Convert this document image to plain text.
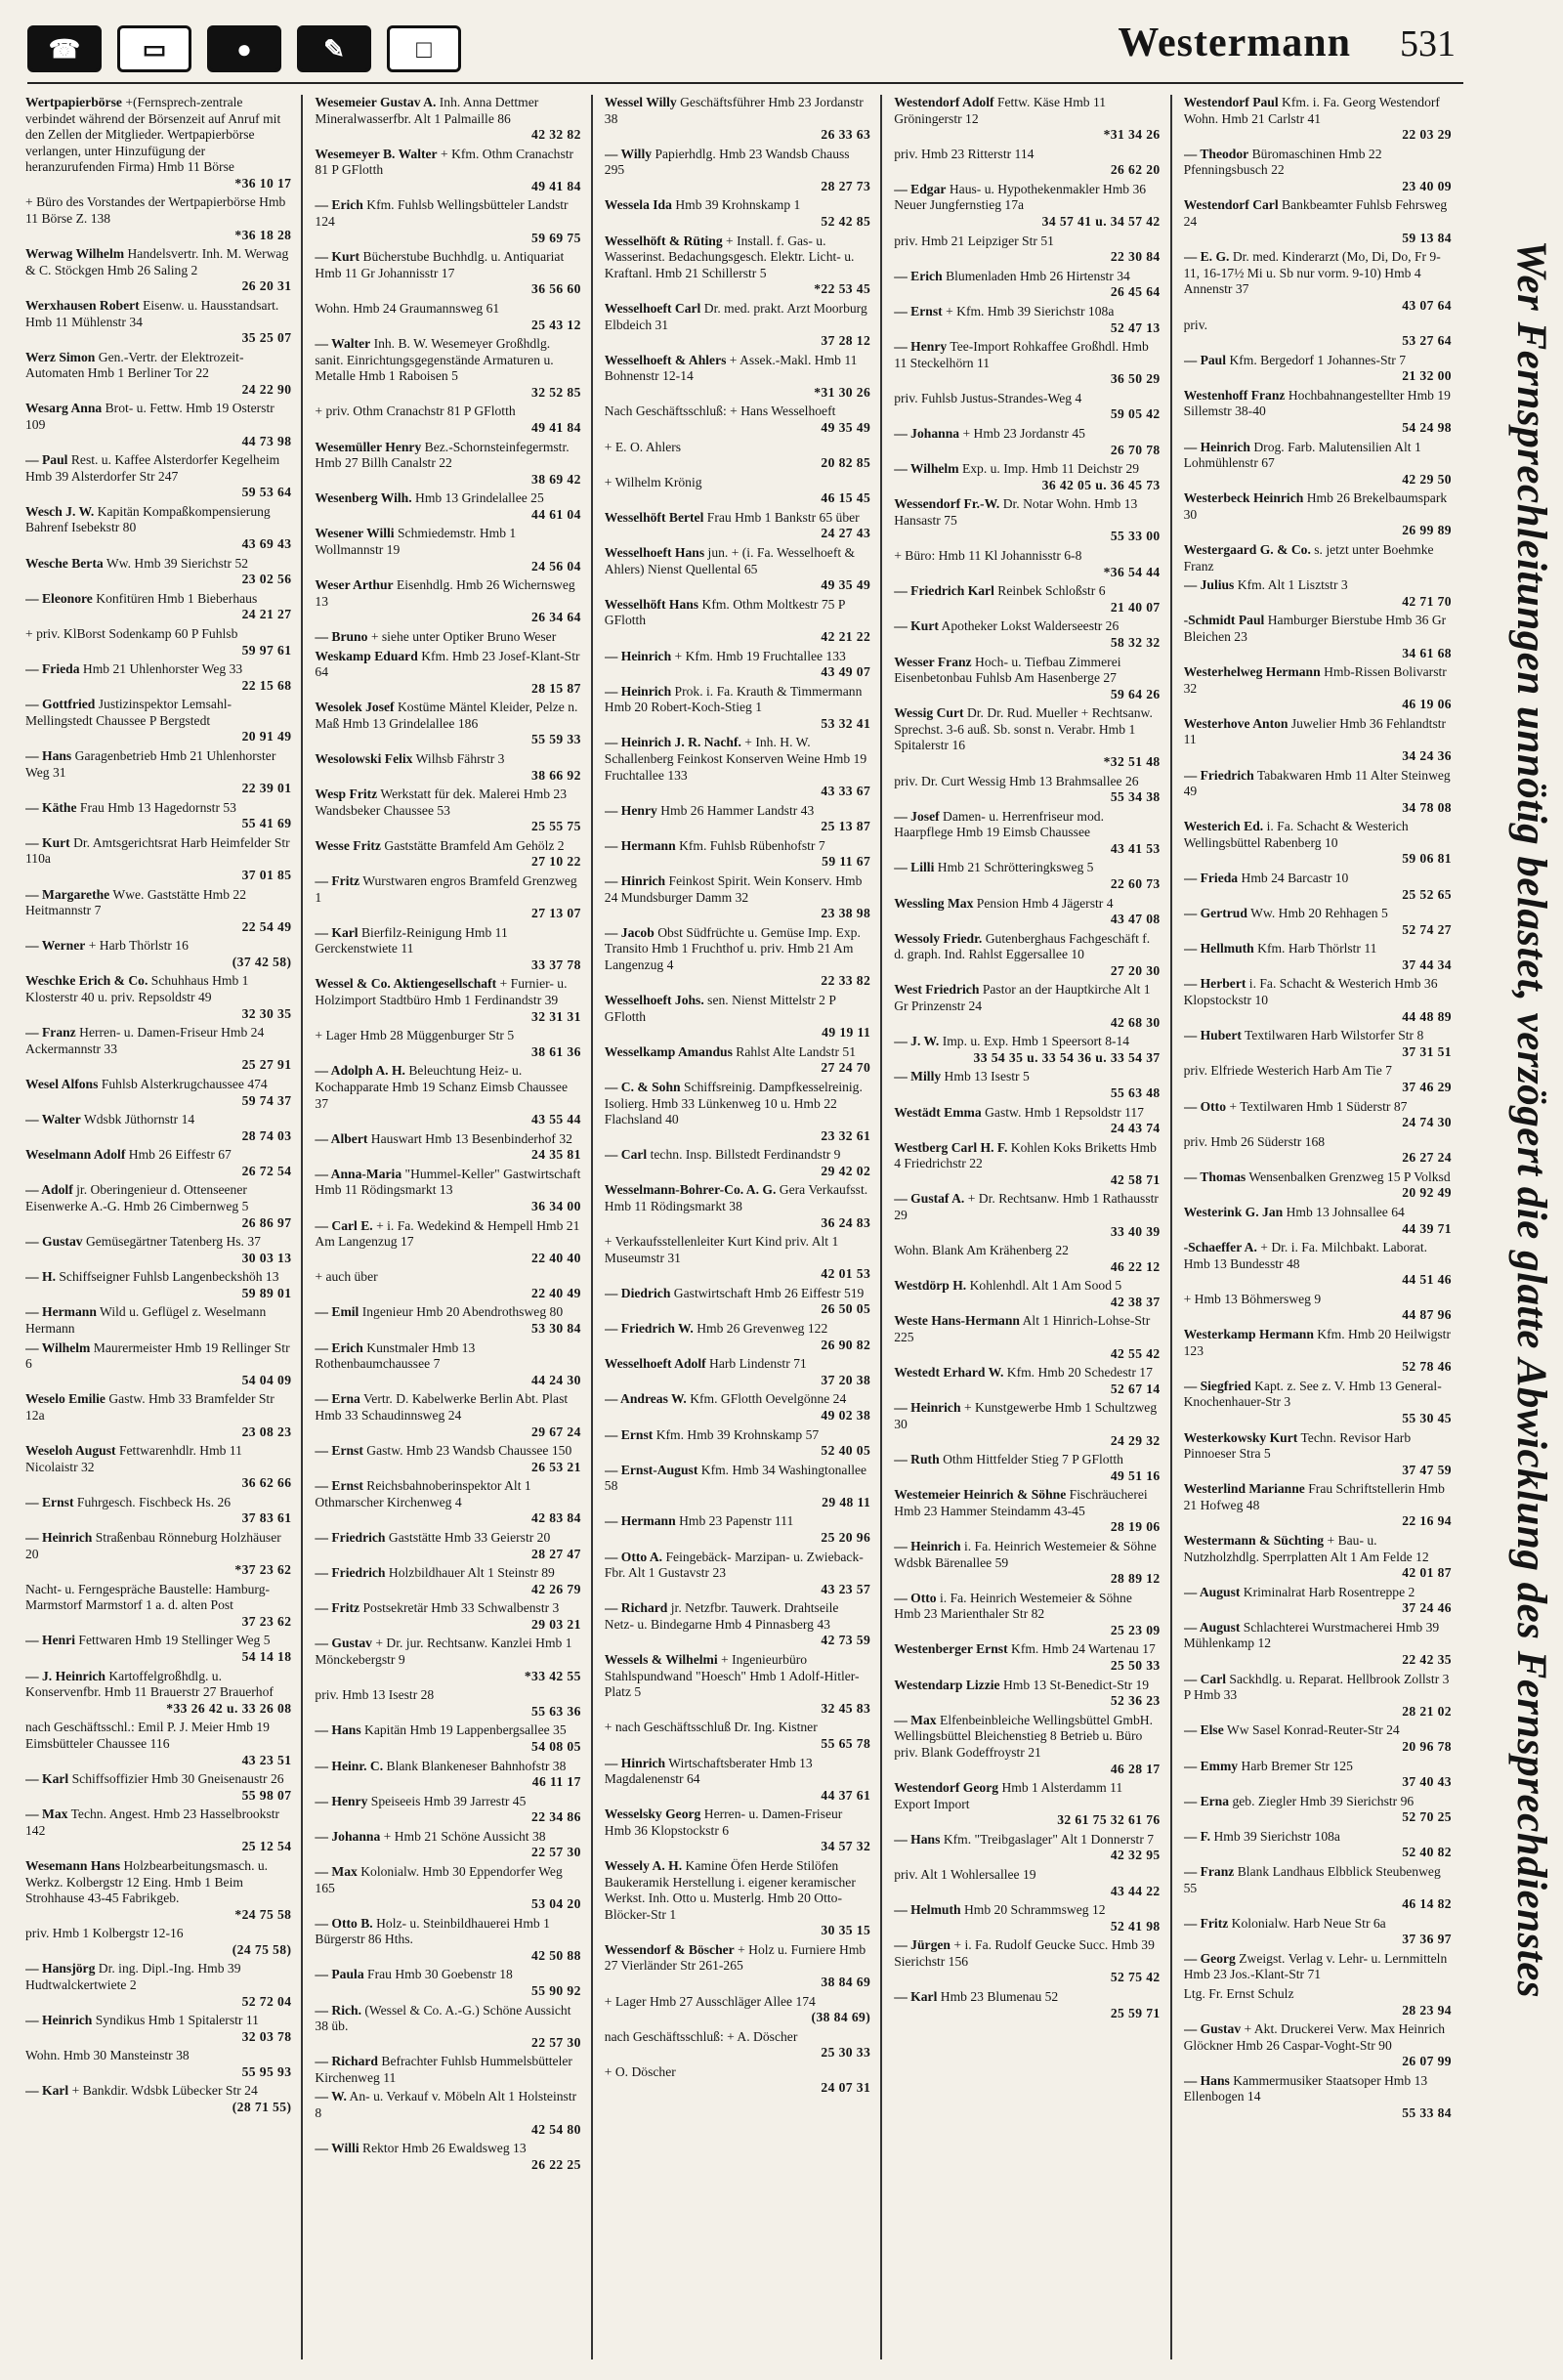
☎	▭	●	✎	□	Westermann 531
Wertpapierbörse +(Fernsprech-zentrale verbindet während der Börsenzeit auf Anruf mit den Zellen der Mitglieder. Wertpapierbörse verlangen, unter Hinzufügung der heranzurufenden Firma) Hmb 11 Börse
*36 10 17
+ Büro des Vorstandes der Wertpapierbörse Hmb 11 Börse Z. 138
*36 18 28
Werwag Wilhelm Handelsvertr. Inh. M. Werwag & C. Stöckgen Hmb 26 Saling 2
26 20 31
Werxhausen Robert Eisenw. u. Hausstandsart. Hmb 11 Mühlenstr 34
35 25 07
Werz Simon Gen.-Vertr. der Elektrozeit-Automaten Hmb 1 Berliner Tor 22
24 22 90
Wesarg Anna Brot- u. Fettw. Hmb 19 Osterstr 109
44 73 98
— Paul Rest. u. Kaffee Alsterdorfer Kegelheim Hmb 39 Alsterdorfer Str 247
59 53 64
Wesch J. W. Kapitän Kompaßkompensierung Bahrenf Isebekstr 80
43 69 43
Wesche Berta Ww. Hmb 39 Sierichstr 52
23 02 56
— Eleonore Konfitüren Hmb 1 Bieberhaus
24 21 27
+ priv. KlBorst Sodenkamp 60 P Fuhlsb
59 97 61
— Frieda Hmb 21 Uhlenhorster Weg 33
22 15 68
— Gottfried Justizinspektor Lemsahl-Mellingstedt Chaussee P Bergstedt
20 91 49
— Hans Garagenbetrieb Hmb 21 Uhlenhorster Weg 31
22 39 01
— Käthe Frau Hmb 13 Hagedornstr 53
55 41 69
— Kurt Dr. Amtsgerichtsrat Harb Heimfelder Str 110a
37 01 85
— Margarethe Wwe. Gaststätte Hmb 22 Heitmannstr 7
22 54 49
— Werner + Harb Thörlstr 16
(37 42 58)
Weschke Erich & Co. Schuhhaus Hmb 1 Klosterstr 40 u. priv. Repsoldstr 49
32 30 35
— Franz Herren- u. Damen-Friseur Hmb 24 Ackermannstr 33
25 27 91
Wesel Alfons Fuhlsb Alsterkrugchaussee 474
59 74 37
— Walter Wdsbk Jüthornstr 14
28 74 03
Weselmann Adolf Hmb 26 Eiffestr 67
26 72 54
— Adolf jr. Oberingenieur d. Ottenseener Eisenwerke A.-G. Hmb 26 Cimbernweg 5
26 86 97
— Gustav Gemüsegärtner Tatenberg Hs. 37
30 03 13
— H. Schiffseigner Fuhlsb Langenbeckshöh 13
59 89 01
— Hermann Wild u. Geflügel z. Weselmann Hermann
— Wilhelm Maurermeister Hmb 19 Rellinger Str 6
54 04 09
Weselo Emilie Gastw. Hmb 33 Bramfelder Str 12a
23 08 23
Weseloh August Fettwarenhdlr. Hmb 11 Nicolaistr 32
36 62 66
— Ernst Fuhrgesch. Fischbeck Hs. 26
37 83 61
— Heinrich Straßenbau Rönneburg Holzhäuser 20
*37 23 62
Nacht- u. Ferngespräche Baustelle: Hamburg-Marmstorf Marmstorf 1 a. d. alten Post
37 23 62
— Henri Fettwaren Hmb 19 Stellinger Weg 5
54 14 18
— J. Heinrich Kartoffelgroßhdlg. u. Konservenfbr. Hmb 11 Brauerstr 27 Brauerhof
*33 26 42 u. 33 26 08
nach Geschäftsschl.: Emil P. J. Meier Hmb 19 Eimsbütteler Chaussee 116
43 23 51
— Karl Schiffsoffizier Hmb 30 Gneisenaustr 26
55 98 07
— Max Techn. Angest. Hmb 23 Hasselbrookstr 142
25 12 54
Wesemann Hans Holzbearbeitungsmasch. u. Werkz. Kolbergstr 12 Eing. Hmb 1 Beim Strohhause 43-45 Fabrikgeb.
*24 75 58
priv. Hmb 1 Kolbergstr 12-16
(24 75 58)
— Hansjörg Dr. ing. Dipl.-Ing. Hmb 39 Hudtwalckertwiete 2
52 72 04
— Heinrich Syndikus Hmb 1 Spitalerstr 11
32 03 78
Wohn. Hmb 30 Mansteinstr 38
55 95 93
— Karl + Bankdir. Wdsbk Lübecker Str 24
(28 71 55)
Wesemeier Gustav A. Inh. Anna Dettmer Mineralwasserfbr. Alt 1 Palmaille 86
42 32 82
Wesemeyer B. Walter + Kfm. Othm Cranachstr 81 P GFlotth
49 41 84
— Erich Kfm. Fuhlsb Wellingsbütteler Landstr 124
59 69 75
— Kurt Bücherstube Buchhdlg. u. Antiquariat Hmb 11 Gr Johannisstr 17
36 56 60
Wohn. Hmb 24 Graumannsweg 61
25 43 12
— Walter Inh. B. W. Wesemeyer Großhdlg. sanit. Einrichtungsgegenstände Armaturen u. Metalle Hmb 1 Raboisen 5
32 52 85
+ priv. Othm Cranachstr 81 P GFlotth
49 41 84
Wesemüller Henry Bez.-Schornsteinfegermstr. Hmb 27 Billh Canalstr 22
38 69 42
Wesenberg Wilh. Hmb 13 Grindelallee 25
44 61 04
Wesener Willi Schmiedemstr. Hmb 1 Wollmannstr 19
24 56 04
Weser Arthur Eisenhdlg. Hmb 26 Wichernsweg 13
26 34 64
— Bruno + siehe unter Optiker Bruno Weser
Weskamp Eduard Kfm. Hmb 23 Josef-Klant-Str 64
28 15 87
Wesolek Josef Kostüme Mäntel Kleider, Pelze n. Maß Hmb 13 Grindelallee 186
55 59 33
Wesolowski Felix Wilhsb Fährstr 3
38 66 92
Wesp Fritz Werkstatt für dek. Malerei Hmb 23 Wandsbeker Chaussee 53
25 55 75
Wesse Fritz Gaststätte Bramfeld Am Gehölz 2
27 10 22
— Fritz Wurstwaren engros Bramfeld Grenzweg 1
27 13 07
— Karl Bierfilz-Reinigung Hmb 11 Gerckenstwiete 11
33 37 78
Wessel & Co. Aktiengesellschaft + Furnier- u. Holzimport Stadtbüro Hmb 1 Ferdinandstr 39
32 31 31
+ Lager Hmb 28 Müggenburger Str 5
38 61 36
— Adolph A. H. Beleuchtung Heiz- u. Kochapparate Hmb 19 Schanz Eimsb Chaussee 37
43 55 44
— Albert Hauswart Hmb 13 Besenbinderhof 32
24 35 81
— Anna-Maria "Hummel-Keller" Gastwirtschaft Hmb 11 Rödingsmarkt 13
36 34 00
— Carl E. + i. Fa. Wedekind & Hempell Hmb 21 Am Langenzug 17
22 40 40
+ auch über
22 40 49
— Emil Ingenieur Hmb 20 Abendrothsweg 80
53 30 84
— Erich Kunstmaler Hmb 13 Rothenbaumchaussee 7
44 24 30
— Erna Vertr. D. Kabelwerke Berlin Abt. Plast Hmb 33 Schaudinnsweg 24
29 67 24
— Ernst Gastw. Hmb 23 Wandsb Chaussee 150
26 53 21
— Ernst Reichsbahnoberinspektor Alt 1 Othmarscher Kirchenweg 4
42 83 84
— Friedrich Gaststätte Hmb 33 Geierstr 20
28 27 47
— Friedrich Holzbildhauer Alt 1 Steinstr 89
42 26 79
— Fritz Postsekretär Hmb 33 Schwalbenstr 3
29 03 21
— Gustav + Dr. jur. Rechtsanw. Kanzlei Hmb 1 Mönckebergstr 9
*33 42 55
priv. Hmb 13 Isestr 28
55 63 36
— Hans Kapitän Hmb 19 Lappenbergsallee 35
54 08 05
— Heinr. C. Blank Blankeneser Bahnhofstr 38
46 11 17
— Henry Speiseeis Hmb 39 Jarrestr 45
22 34 86
— Johanna + Hmb 21 Schöne Aussicht 38
22 57 30
— Max Kolonialw. Hmb 30 Eppendorfer Weg 165
53 04 20
— Otto B. Holz- u. Steinbildhauerei Hmb 1 Bürgerstr 86 Hths.
42 50 88
— Paula Frau Hmb 30 Goebenstr 18
55 90 92
— Rich. (Wessel & Co. A.-G.) Schöne Aussicht 38 üb.
22 57 30
— Richard Befrachter Fuhlsb Hummelsbütteler Kirchenweg 11
— W. An- u. Verkauf v. Möbeln Alt 1 Holsteinstr 8
42 54 80
— Willi Rektor Hmb 26 Ewaldsweg 13
26 22 25
Wessel Willy Geschäftsführer Hmb 23 Jordanstr 38
26 33 63
— Willy Papierhdlg. Hmb 23 Wandsb Chauss 295
28 27 73
Wessela Ida Hmb 39 Krohnskamp 1
52 42 85
Wesselhöft & Rüting + Install. f. Gas- u. Wasserinst. Bedachungsgesch. Elektr. Licht- u. Kraftanl. Hmb 21 Schillerstr 5
*22 53 45
Wesselhoeft Carl Dr. med. prakt. Arzt Moorburg Elbdeich 31
37 28 12
Wesselhoeft & Ahlers + Assek.-Makl. Hmb 11 Bohnenstr 12-14
*31 30 26
Nach Geschäftsschluß: + Hans Wesselhoeft
49 35 49
+ E. O. Ahlers
20 82 85
+ Wilhelm Krönig
46 15 45
Wesselhöft Bertel Frau Hmb 1 Bankstr 65 über
24 27 43
Wesselhoeft Hans jun. + (i. Fa. Wesselhoeft & Ahlers) Nienst Quellental 65
49 35 49
Wesselhöft Hans Kfm. Othm Moltkestr 75 P GFlotth
42 21 22
— Heinrich + Kfm. Hmb 19 Fruchtallee 133
43 49 07
— Heinrich Prok. i. Fa. Krauth & Timmermann Hmb 20 Robert-Koch-Stieg 1
53 32 41
— Heinrich J. R. Nachf. + Inh. H. W. Schallenberg Feinkost Konserven Weine Hmb 19 Fruchtallee 133
43 33 67
— Henry Hmb 26 Hammer Landstr 43
25 13 87
— Hermann Kfm. Fuhlsb Rübenhofstr 7
59 11 67
— Hinrich Feinkost Spirit. Wein Konserv. Hmb 24 Mundsburger Damm 32
23 38 98
— Jacob Obst Südfrüchte u. Gemüse Imp. Exp. Transito Hmb 1 Fruchthof u. priv. Hmb 21 Am Langenzug 4
22 33 82
Wesselhoeft Johs. sen. Nienst Mittelstr 2 P GFlotth
49 19 11
Wesselkamp Amandus Rahlst Alte Landstr 51
27 24 70
— C. & Sohn Schiffsreinig. Dampfkesselreinig. Isolierg. Hmb 33 Lünkenweg 10 u. Hmb 22 Flachsland 40
23 32 61
— Carl techn. Insp. Billstedt Ferdinandstr 9
29 42 02
Wesselmann-Bohrer-Co. A. G. Gera Verkaufsst. Hmb 11 Rödingsmarkt 38
36 24 83
+ Verkaufsstellenleiter Kurt Kind priv. Alt 1 Museumstr 31
42 01 53
— Diedrich Gastwirtschaft Hmb 26 Eiffestr 519
26 50 05
— Friedrich W. Hmb 26 Grevenweg 122
26 90 82
Wesselhoeft Adolf Harb Lindenstr 71
37 20 38
— Andreas W. Kfm. GFlotth Oevelgönne 24
49 02 38
— Ernst Kfm. Hmb 39 Krohnskamp 57
52 40 05
— Ernst-August Kfm. Hmb 34 Washingtonallee 58
29 48 11
— Hermann Hmb 23 Papenstr 111
25 20 96
— Otto A. Feingebäck- Marzipan- u. Zwieback-Fbr. Alt 1 Gustavstr 23
43 23 57
— Richard jr. Netzfbr. Tauwerk. Drahtseile Netz- u. Bindegarne Hmb 4 Pinnasberg 43
42 73 59
Wessels & Wilhelmi + Ingenieurbüro Stahlspundwand "Hoesch" Hmb 1 Adolf-Hitler-Platz 5
32 45 83
+ nach Geschäftsschluß Dr. Ing. Kistner
55 65 78
— Hinrich Wirtschaftsberater Hmb 13 Magdalenenstr 64
44 37 61
Wesselsky Georg Herren- u. Damen-Friseur Hmb 36 Klopstockstr 6
34 57 32
Wessely A. H. Kamine Öfen Herde Stilöfen Baukeramik Herstellung i. eigener keramischer Werkst. Inh. Otto u. Musterlg. Hmb 20 Otto-Blöcker-Str 1
30 35 15
Wessendorf & Böscher + Holz u. Furniere Hmb 27 Vierländer Str 261-265
38 84 69
+ Lager Hmb 27 Ausschläger Allee 174
(38 84 69)
nach Geschäftsschluß: + A. Döscher
25 30 33
+ O. Döscher
24 07 31
Westendorf Adolf Fettw. Käse Hmb 11 Gröningerstr 12
*31 34 26
priv. Hmb 23 Ritterstr 114
26 62 20
— Edgar Haus- u. Hypothekenmakler Hmb 36 Neuer Jungfernstieg 17a
34 57 41 u. 34 57 42
priv. Hmb 21 Leipziger Str 51
22 30 84
— Erich Blumenladen Hmb 26 Hirtenstr 34
26 45 64
— Ernst + Kfm. Hmb 39 Sierichstr 108a
52 47 13
— Henry Tee-Import Rohkaffee Großhdl. Hmb 11 Steckelhörn 11
36 50 29
priv. Fuhlsb Justus-Strandes-Weg 4
59 05 42
— Johanna + Hmb 23 Jordanstr 45
26 70 78
— Wilhelm Exp. u. Imp. Hmb 11 Deichstr 29
36 42 05 u. 36 45 73
Wessendorf Fr.-W. Dr. Notar Wohn. Hmb 13 Hansastr 75
55 33 00
+ Büro: Hmb 11 Kl Johannisstr 6-8
*36 54 44
— Friedrich Karl Reinbek Schloßstr 6
21 40 07
— Kurt Apotheker Lokst Walderseestr 26
58 32 32
Wesser Franz Hoch- u. Tiefbau Zimmerei Eisenbetonbau Fuhlsb Am Hasenberge 27
59 64 26
Wessig Curt Dr. Dr. Rud. Mueller + Rechtsanw. Sprechst. 3-6 auß. Sb. sonst n. Verabr. Hmb 1 Spitalerstr 16
*32 51 48
priv. Dr. Curt Wessig Hmb 13 Brahmsallee 26
55 34 38
— Josef Damen- u. Herrenfriseur mod. Haarpflege Hmb 19 Eimsb Chaussee
43 41 53
— Lilli Hmb 21 Schrötteringksweg 5
22 60 73
Wessling Max Pension Hmb 4 Jägerstr 4
43 47 08
Wessoly Friedr. Gutenberghaus Fachgeschäft f. d. graph. Ind. Rahlst Eggersallee 10
27 20 30
West Friedrich Pastor an der Hauptkirche Alt 1 Gr Prinzenstr 24
42 68 30
— J. W. Imp. u. Exp. Hmb 1 Speersort 8-14
33 54 35 u. 33 54 36 u. 33 54 37
— Milly Hmb 13 Isestr 5
55 63 48
Westädt Emma Gastw. Hmb 1 Repsoldstr 117
24 43 74
Westberg Carl H. F. Kohlen Koks Briketts Hmb 4 Friedrichstr 22
42 58 71
— Gustaf A. + Dr. Rechtsanw. Hmb 1 Rathausstr 29
33 40 39
Wohn. Blank Am Krähenberg 22
46 22 12
Westdörp H. Kohlenhdl. Alt 1 Am Sood 5
42 38 37
Weste Hans-Hermann Alt 1 Hinrich-Lohse-Str 225
42 55 42
Westedt Erhard W. Kfm. Hmb 20 Schedestr 17
52 67 14
— Heinrich + Kunstgewerbe Hmb 1 Schultzweg 30
24 29 32
— Ruth Othm Hittfelder Stieg 7 P GFlotth
49 51 16
Westemeier Heinrich & Söhne Fischräucherei Hmb 23 Hammer Steindamm 43-45
28 19 06
— Heinrich i. Fa. Heinrich Westemeier & Söhne Wdsbk Bärenallee 59
28 89 12
— Otto i. Fa. Heinrich Westemeier & Söhne Hmb 23 Marienthaler Str 82
25 23 09
Westenberger Ernst Kfm. Hmb 24 Wartenau 17
25 50 33
Westendarp Lizzie Hmb 13 St-Benedict-Str 19
52 36 23
— Max Elfenbeinbleiche Wellingsbüttel GmbH. Wellingsbüttel Bleichenstieg 8 Betrieb u. Büro priv. Blank Godeffroystr 21
46 28 17
Westendorf Georg Hmb 1 Alsterdamm 11 Export Import
32 61 75 32 61 76
— Hans Kfm. "Treibgaslager" Alt 1 Donnerstr 7
42 32 95
priv. Alt 1 Wohlersallee 19
43 44 22
— Helmuth Hmb 20 Schrammsweg 12
52 41 98
— Jürgen + i. Fa. Rudolf Geucke Succ. Hmb 39 Sierichstr 156
52 75 42
— Karl Hmb 23 Blumenau 52
25 59 71
Westendorf Paul Kfm. i. Fa. Georg Westendorf Wohn. Hmb 21 Carlstr 41
22 03 29
— Theodor Büromaschinen Hmb 22 Pfenningsbusch 22
23 40 09
Westendorf Carl Bankbeamter Fuhlsb Fehrsweg 24
59 13 84
— E. G. Dr. med. Kinderarzt (Mo, Di, Do, Fr 9-11, 16-17½ Mi u. Sb nur vorm. 9-10) Hmb 4 Annenstr 37
43 07 64
priv.
53 27 64
— Paul Kfm. Bergedorf 1 Johannes-Str 7
21 32 00
Westenhoff Franz Hochbahnangestellter Hmb 19 Sillemstr 38-40
54 24 98
— Heinrich Drog. Farb. Malutensilien Alt 1 Lohmühlenstr 67
42 29 50
Westerbeck Heinrich Hmb 26 Brekelbaumspark 30
26 99 89
Westergaard G. & Co. s. jetzt unter Boehmke Franz
— Julius Kfm. Alt 1 Lisztstr 3
42 71 70
-Schmidt Paul Hamburger Bierstube Hmb 36 Gr Bleichen 23
34 61 68
Westerhelweg Hermann Hmb-Rissen Bolivarstr 32
46 19 06
Westerhove Anton Juwelier Hmb 36 Fehlandtstr 11
34 24 36
— Friedrich Tabakwaren Hmb 11 Alter Steinweg 49
34 78 08
Westerich Ed. i. Fa. Schacht & Westerich Wellingsbüttel Rabenberg 10
59 06 81
— Frieda Hmb 24 Barcastr 10
25 52 65
— Gertrud Ww. Hmb 20 Rehhagen 5
52 74 27
— Hellmuth Kfm. Harb Thörlstr 11
37 44 34
— Herbert i. Fa. Schacht & Westerich Hmb 36 Klopstockstr 10
44 48 89
— Hubert Textilwaren Harb Wilstorfer Str 8
37 31 51
priv. Elfriede Westerich Harb Am Tie 7
37 46 29
— Otto + Textilwaren Hmb 1 Süderstr 87
24 74 30
priv. Hmb 26 Süderstr 168
26 27 24
— Thomas Wensenbalken Grenzweg 15 P Volksd
20 92 49
Westerink G. Jan Hmb 13 Johnsallee 64
44 39 71
-Schaeffer A. + Dr. i. Fa. Milchbakt. Laborat. Hmb 13 Bundesstr 48
44 51 46
+ Hmb 13 Böhmersweg 9
44 87 96
Westerkamp Hermann Kfm. Hmb 20 Heilwigstr 123
52 78 46
— Siegfried Kapt. z. See z. V. Hmb 13 General-Knochenhauer-Str 3
55 30 45
Westerkowsky Kurt Techn. Revisor Harb Pinnoeser Stra 5
37 47 59
Westerlind Marianne Frau Schriftstellerin Hmb 21 Hofweg 48
22 16 94
Westermann & Süchting + Bau- u. Nutzholzhdlg. Sperrplatten Alt 1 Am Felde 12
42 01 87
— August Kriminalrat Harb Rosentreppe 2
37 24 46
— August Schlachterei Wurstmacherei Hmb 39 Mühlenkamp 12
22 42 35
— Carl Sackhdlg. u. Reparat. Hellbrook Zollstr 3 P Hmb 33
28 21 02
— Else Ww Sasel Konrad-Reuter-Str 24
20 96 78
— Emmy Harb Bremer Str 125
37 40 43
— Erna geb. Ziegler Hmb 39 Sierichstr 96
52 70 25
— F. Hmb 39 Sierichstr 108a
52 40 82
— Franz Blank Landhaus Elbblick Steubenweg 55
46 14 82
— Fritz Kolonialw. Harb Neue Str 6a
37 36 97
— Georg Zweigst. Verlag v. Lehr- u. Lernmitteln Hmb 23 Jos.-Klant-Str 71
Ltg. Fr. Ernst Schulz
28 23 94
— Gustav + Akt. Druckerei Verw. Max Heinrich Glöckner Hmb 26 Caspar-Voght-Str 90
26 07 99
— Hans Kammermusiker Staatsoper Hmb 13 Ellenbogen 14
55 33 84
Wer Fernsprechleitungen unnötig belastet, verzögert die glatte Abwicklung des Fernsprechdienstes
